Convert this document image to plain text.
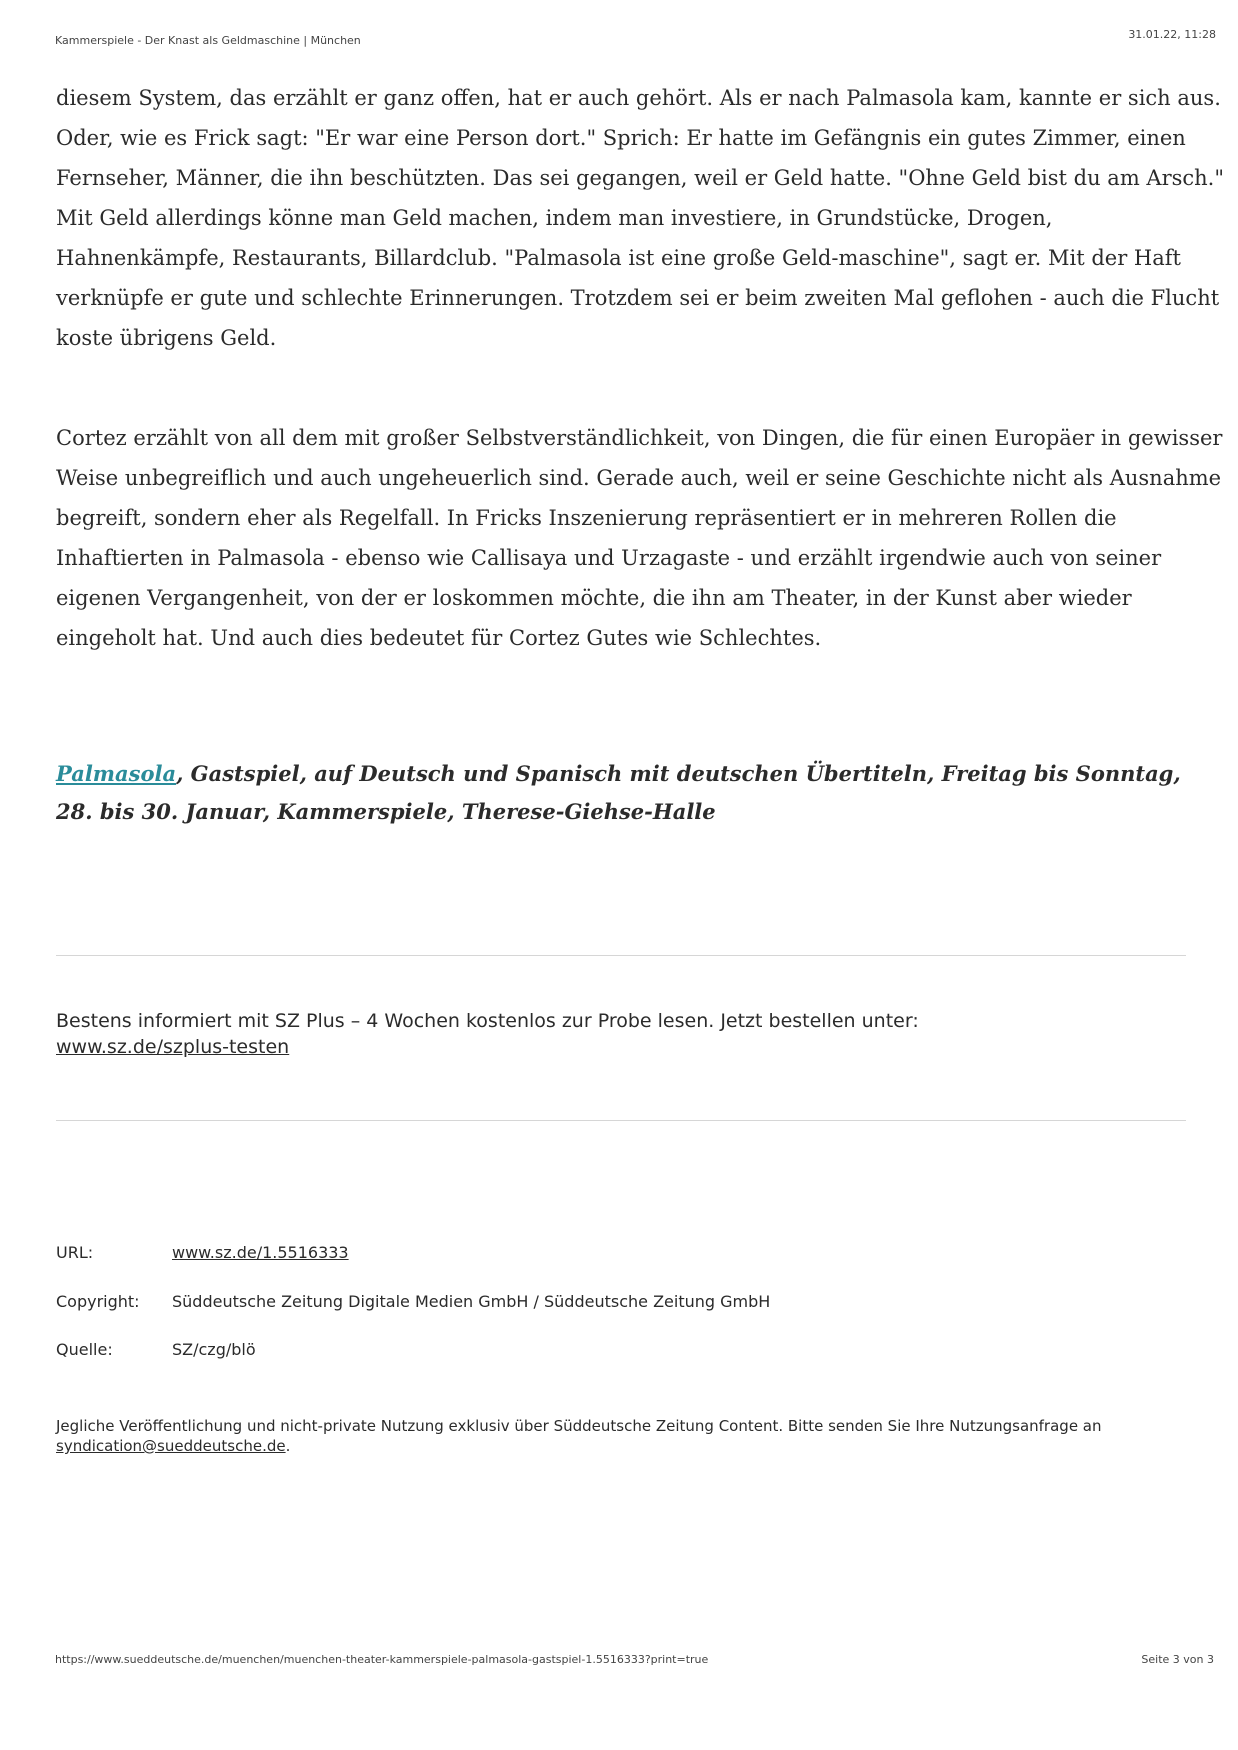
Kammerspiele - Der Knast als Geldmaschine | München	31.01.22, 11:28

diesem System, das erzählt er ganz offen, hat er auch gehört. Als er nach Palmasola kam, kannte er sich aus. Oder, wie es Frick sagt: "Er war eine Person dort." Sprich: Er hatte im Gefängnis ein gutes Zimmer, einen Fernseher, Männer, die ihn beschützten. Das sei gegangen, weil er Geld hatte. "Ohne Geld bist du am Arsch." Mit Geld allerdings könne man Geld machen, indem man investiere, in Grundstücke, Drogen, Hahnenkämpfe, Restaurants, Billardclub. "Palmasola ist eine große Geld-maschine", sagt er. Mit der Haft verknüpfe er gute und schlechte Erinnerungen. Trotzdem sei er beim zweiten Mal geflohen - auch die Flucht koste übrigens Geld.

Cortez erzählt von all dem mit großer Selbstverständlichkeit, von Dingen, die für einen Europäer in gewisser Weise unbegreiflich und auch ungeheuerlich sind. Gerade auch, weil er seine Geschichte nicht als Ausnahme begreift, sondern eher als Regelfall. In Fricks Inszenierung repräsentiert er in mehreren Rollen die Inhaftierten in Palmasola - ebenso wie Callisaya und Urzagaste - und erzählt irgendwie auch von seiner eigenen Vergangenheit, von der er loskommen möchte, die ihn am Theater, in der Kunst aber wieder eingeholt hat. Und auch dies bedeutet für Cortez Gutes wie Schlechtes.

Palmasola, Gastspiel, auf Deutsch und Spanisch mit deutschen Übertiteln, Freitag bis Sonntag, 28. bis 30. Januar, Kammerspiele, Therese-Giehse-Halle

Bestens informiert mit SZ Plus – 4 Wochen kostenlos zur Probe lesen. Jetzt bestellen unter:
www.sz.de/szplus-testen
URL:	www.sz.de/1.5516333
Copyright: Süddeutsche Zeitung Digitale Medien GmbH / Süddeutsche Zeitung GmbH
Quelle:	SZ/czg/blö
Jegliche Veröffentlichung und nicht-private Nutzung exklusiv über Süddeutsche Zeitung Content. Bitte senden Sie Ihre Nutzungsanfrage an syndication@sueddeutsche.de.
https://www.sueddeutsche.de/muenchen/muenchen-theater-kammerspiele-palmasola-gastspiel-1.5516333?print=true	Seite 3 von 3
